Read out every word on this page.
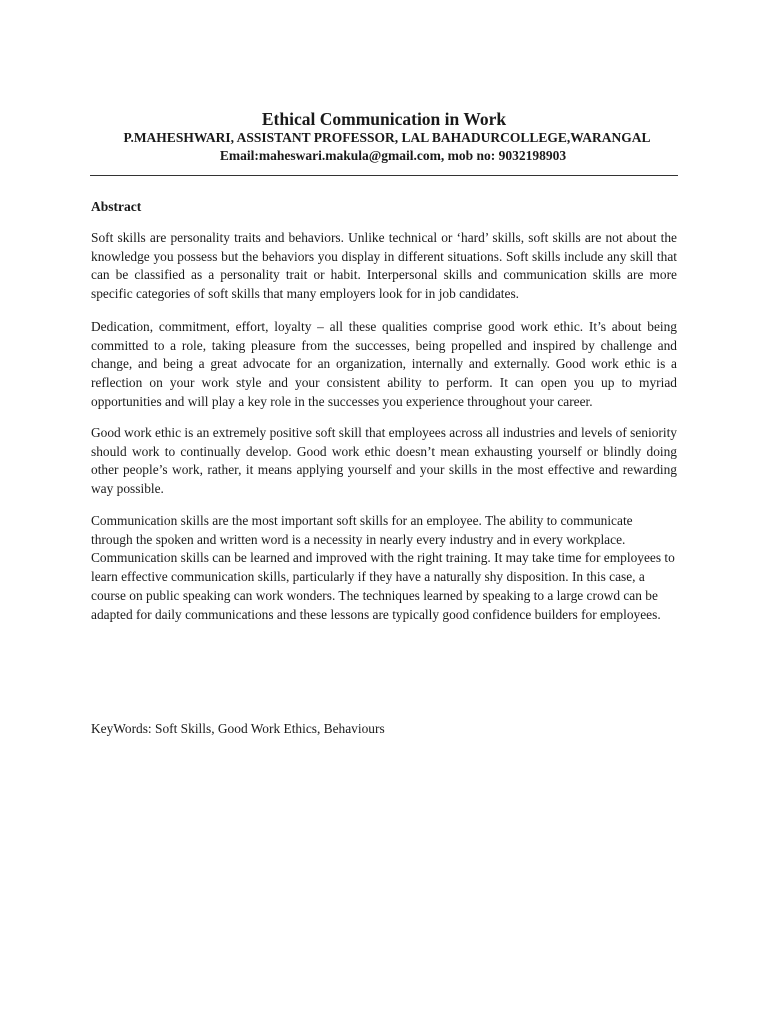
Ethical Communication in Work
P.MAHESHWARI, ASSISTANT PROFESSOR, LAL BAHADURCOLLEGE,WARANGAL
Email:maheswari.makula@gmail.com, mob no: 9032198903
Abstract

Soft skills are personality traits and behaviors. Unlike technical or ‘hard’ skills, soft skills are not about the knowledge you possess but the behaviors you display in different situations. Soft skills include any skill that can be classified as a personality trait or habit. Interpersonal skills and communication skills are more specific categories of soft skills that many employers look for in job candidates.

Dedication, commitment, effort, loyalty – all these qualities comprise good work ethic. It’s about being committed to a role, taking pleasure from the successes, being propelled and inspired by challenge and change, and being a great advocate for an organization, internally and externally. Good work ethic is a reflection on your work style and your consistent ability to perform. It can open you up to myriad opportunities and will play a key role in the successes you experience throughout your career.

Good work ethic is an extremely positive soft skill that employees across all industries and levels of seniority should work to continually develop. Good work ethic doesn’t mean exhausting yourself or blindly doing other people’s work, rather, it means applying yourself and your skills in the most effective and rewarding way possible.

Communication skills are the most important soft skills for an employee. The ability to communicate through the spoken and written word is a necessity in nearly every industry and in every workplace. Communication skills can be learned and improved with the right training. It may take time for employees to learn effective communication skills, particularly if they have a naturally shy disposition. In this case, a course on public speaking can work wonders. The techniques learned by speaking to a large crowd can be adapted for daily communications and these lessons are typically good confidence builders for employees.

KeyWords: Soft Skills, Good Work Ethics, Behaviours
